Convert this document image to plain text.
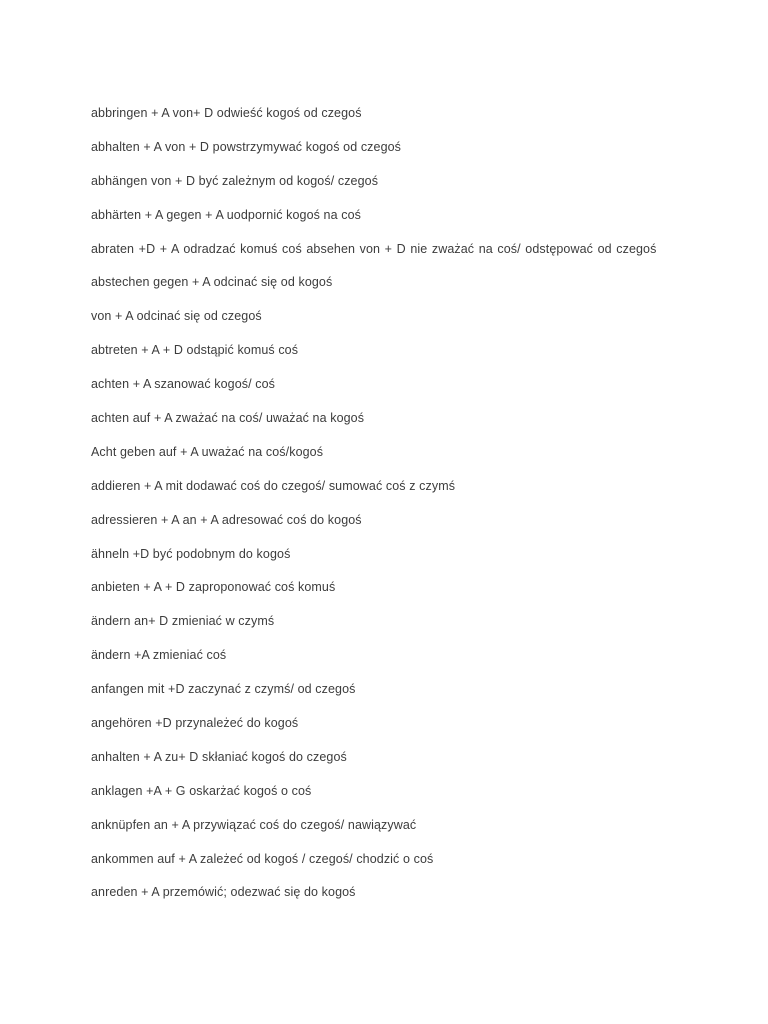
abbringen + A von+ D odwieść kogoś od czegoś
abhalten + A von + D powstrzymywać kogoś od czegoś
abhängen von + D być zależnym od kogoś/ czegoś
abhärten + A gegen + A uodpornić kogoś na coś
abraten +D + A odradzać komuś coś absehen von + D nie zważać na coś/ odstępować od czegoś
abstechen gegen + A odcinać się od kogoś
von + A odcinać się od czegoś
abtreten + A + D odstąpić komuś coś
achten + A szanować kogoś/ coś
achten auf + A zważać na coś/ uważać na kogoś
Acht geben auf + A uważać na coś/kogoś
addieren + A mit dodawać coś do czegoś/ sumować coś z czymś
adressieren + A an + A adresować coś do kogoś
ähneln +D być podobnym do kogoś
anbieten + A + D zaproponować coś komuś
ändern an+ D zmieniać w czymś
ändern +A zmieniać coś
anfangen mit +D zaczynać z czymś/ od czegoś
angehören +D przynależeć do kogoś
anhalten + A zu+ D skłaniać kogoś do czegoś
anklagen +A + G oskarżać kogoś o coś
anknüpfen an + A przywiązać coś do czegoś/ nawiązywać
ankommen auf + A zależeć od kogoś / czegoś/ chodzić o coś
anreden + A przemówić; odezwać się do kogoś
